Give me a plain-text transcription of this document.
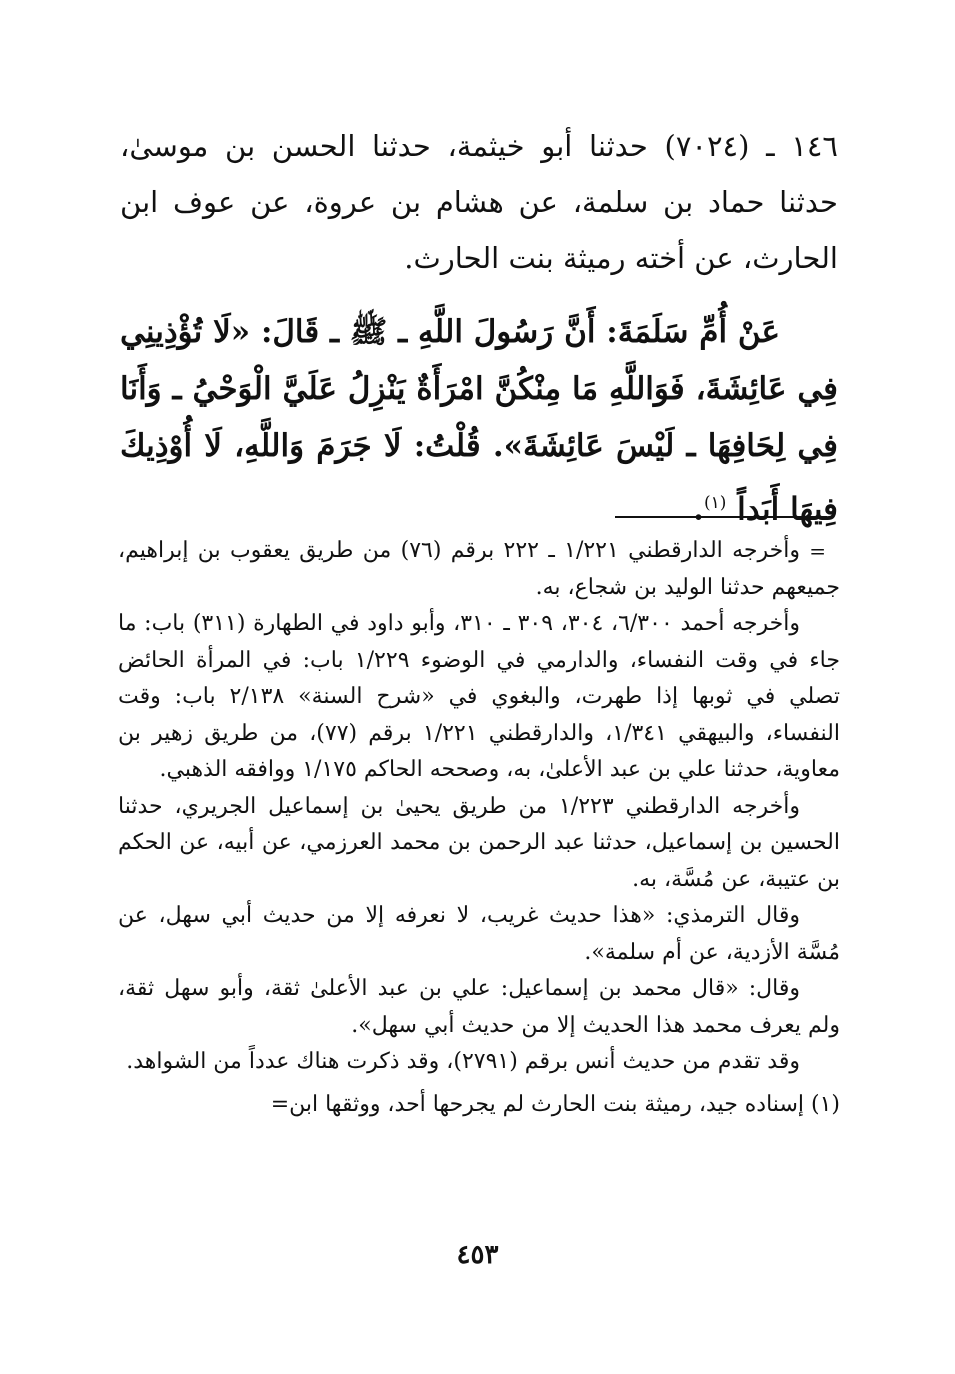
١٤٦ ـ (٧٠٢٤) حدثنا أبو خيثمة، حدثنا الحسن بن موسىٰ، حدثنا حماد بن سلمة، عن هشام بن عروة، عن عوف ابن الحارث، عن أخته رميثة بنت الحارث.

عَنْ أُمِّ سَلَمَةَ: أَنَّ رَسُولَ اللَّهِ ـ ﷺ ـ قَالَ: «لَا تُؤْذِينِي فِي عَائِشَةَ، فَوَاللَّهِ مَا مِنْكُنَّ امْرَأَةٌ يَنْزِلُ عَلَيَّ الْوَحْيُ ـ وَأَنَا فِي لِحَافِهَا ـ لَيْسَ عَائِشَةَ». قُلْتُ: لَا جَرَمَ وَاللَّهِ، لَا أُوْذِيكَ فِيهَا أَبَداً $^{(١)}$.

=
وأخرجه الدارقطني ١/٢٢١ ـ ٢٢٢ برقم (٧٦) من طريق يعقوب بن إبراهيم، جميعهم حدثنا الوليد بن شجاع، به.

وأخرجه أحمد ٦/٣٠٠، ٣٠٤، ٣٠٩ ـ ٣١٠، وأبو داود في الطهارة (٣١١) باب: ما جاء في وقت النفساء، والدارمي في الوضوء ١/٢٢٩ باب: في المرأة الحائض تصلي في ثوبها إذا طهرت، والبغوي في «شرح السنة» ٢/١٣٨ باب: وقت النفساء، والبيهقي ١/٣٤١، والدارقطني ١/٢٢١ برقم (٧٧)، من طريق زهير بن معاوية، حدثنا علي بن عبد الأعلىٰ، به، وصححه الحاكم ١/١٧٥ ووافقه الذهبي.

وأخرجه الدارقطني ١/٢٢٣ من طريق يحيىٰ بن إسماعيل الجريري، حدثنا الحسين بن إسماعيل، حدثنا عبد الرحمن بن محمد العرزمي، عن أبيه، عن الحكم بن عتيبة، عن مُسَّة، به.

وقال الترمذي: «هذا حديث غريب، لا نعرفه إلا من حديث أبي سهل، عن مُسَّة الأزدية، عن أم سلمة».

وقال: «قال محمد بن إسماعيل: علي بن عبد الأعلىٰ ثقة، وأبو سهل ثقة، ولم يعرف محمد هذا الحديث إلا من حديث أبي سهل».

وقد تقدم من حديث أنس برقم (٢٧٩١)، وقد ذكرت هناك عدداً من الشواهد.

(١) إسناده جيد، رميثة بنت الحارث لم يجرحها أحد، ووثقها ابن=

٤٥٣
